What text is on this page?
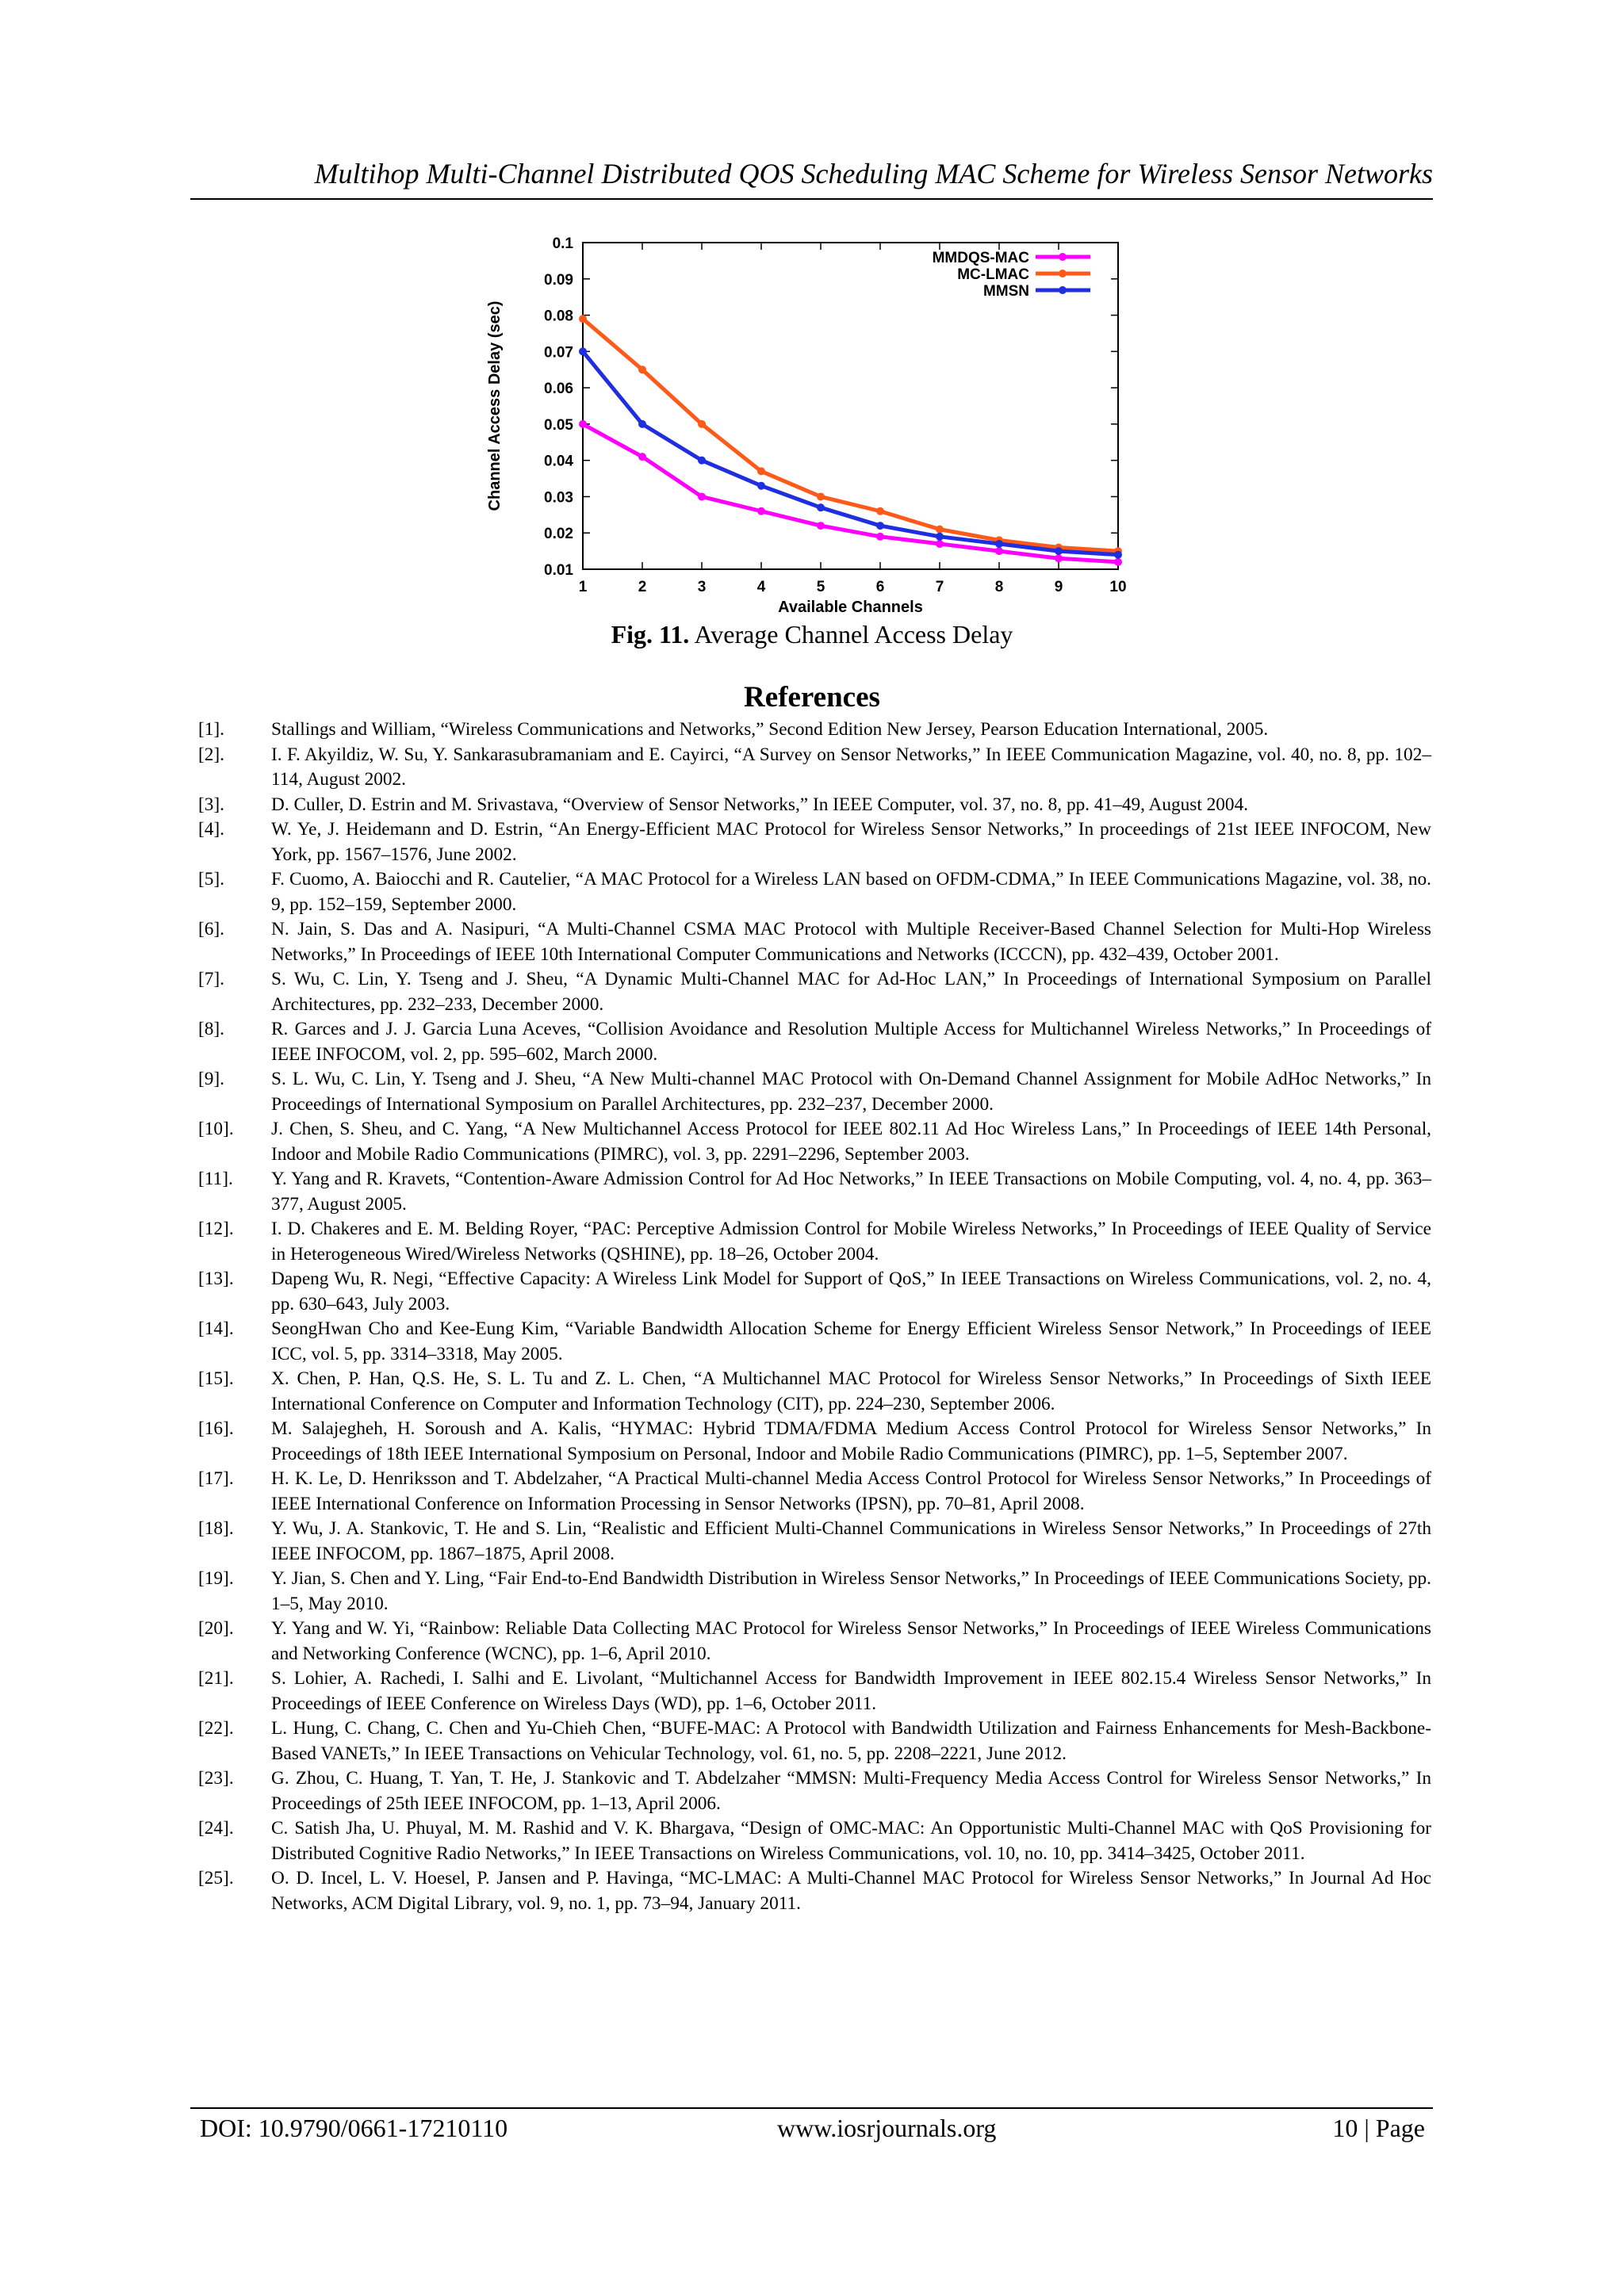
Multihop Multi-Channel Distributed QOS Scheduling MAC Scheme for Wireless Sensor Networks
1	2	3	4	5	6	7	8	9	10
0.01
0.02
0.03
0.04
0.05
0.06
0.07
0.08
0.09
0.1
Available Channels
Channel Access Delay (sec)
MMDQS-MAC
MC-LMAC
MMSN
Fig. 11. Average Channel Access Delay
References
[1].	Stallings and William, “Wireless Communications and Networks,” Second Edition New Jersey, Pearson Education International, 2005.
[2].	I. F. Akyildiz, W. Su, Y. Sankarasubramaniam and E. Cayirci, “A Survey on Sensor Networks,” In IEEE Communication Magazine, vol. 40, no. 8, pp. 102–114, August 2002.
[3].	D. Culler, D. Estrin and M. Srivastava, “Overview of Sensor Networks,” In IEEE Computer, vol. 37, no. 8, pp. 41–49, August 2004.
[4].	W. Ye, J. Heidemann and D. Estrin, “An Energy-Efficient MAC Protocol for Wireless Sensor Networks,” In proceedings of 21st IEEE INFOCOM, New York, pp. 1567–1576, June 2002.
[5].	F. Cuomo, A. Baiocchi and R. Cautelier, “A MAC Protocol for a Wireless LAN based on OFDM-CDMA,” In IEEE Communications Magazine, vol. 38, no. 9, pp. 152–159, September 2000.
[6].	N. Jain, S. Das and A. Nasipuri, “A Multi-Channel CSMA MAC Protocol with Multiple Receiver-Based Channel Selection for Multi-Hop Wireless Networks,” In Proceedings of IEEE 10th International Computer Communications and Networks (ICCCN), pp. 432–439, October 2001.
[7].	S. Wu, C. Lin, Y. Tseng and J. Sheu, “A Dynamic Multi-Channel MAC for Ad-Hoc LAN,” In Proceedings of International Symposium on Parallel Architectures, pp. 232–233, December 2000.
[8].	R. Garces and J. J. Garcia Luna Aceves, “Collision Avoidance and Resolution Multiple Access for Multichannel Wireless Networks,” In Proceedings of IEEE INFOCOM, vol. 2, pp. 595–602, March 2000.
[9].	S. L. Wu, C. Lin, Y. Tseng and J. Sheu, “A New Multi-channel MAC Protocol with On-Demand Channel Assignment for Mobile AdHoc Networks,” In Proceedings of International Symposium on Parallel Architectures, pp. 232–237, December 2000.
[10]. J. Chen, S. Sheu, and C. Yang, “A New Multichannel Access Protocol for IEEE 802.11 Ad Hoc Wireless Lans,” In Proceedings of IEEE 14th Personal, Indoor and Mobile Radio Communications (PIMRC), vol. 3, pp. 2291–2296, September 2003.
[11]. Y. Yang and R. Kravets, “Contention-Aware Admission Control for Ad Hoc Networks,” In IEEE Transactions on Mobile Computing, vol. 4, no. 4, pp. 363–377, August 2005.
[12]. I. D. Chakeres and E. M. Belding Royer, “PAC: Perceptive Admission Control for Mobile Wireless Networks,” In Proceedings of IEEE Quality of Service in Heterogeneous Wired/Wireless Networks (QSHINE), pp. 18–26, October 2004.
[13]. Dapeng Wu, R. Negi, “Effective Capacity: A Wireless Link Model for Support of QoS,” In IEEE Transactions on Wireless Communications, vol. 2, no. 4, pp. 630–643, July 2003.
[14]. SeongHwan Cho and Kee-Eung Kim, “Variable Bandwidth Allocation Scheme for Energy Efficient Wireless Sensor Network,” In Proceedings of IEEE ICC, vol. 5, pp. 3314–3318, May 2005.
[15]. X. Chen, P. Han, Q.S. He, S. L. Tu and Z. L. Chen, “A Multichannel MAC Protocol for Wireless Sensor Networks,” In Proceedings of Sixth IEEE International Conference on Computer and Information Technology (CIT), pp. 224–230, September 2006.
[16]. M. Salajegheh, H. Soroush and A. Kalis, “HYMAC: Hybrid TDMA/FDMA Medium Access Control Protocol for Wireless Sensor Networks,” In Proceedings of 18th IEEE International Symposium on Personal, Indoor and Mobile Radio Communications (PIMRC), pp. 1–5, September 2007.
[17]. H. K. Le, D. Henriksson and T. Abdelzaher, “A Practical Multi-channel Media Access Control Protocol for Wireless Sensor Networks,” In Proceedings of IEEE International Conference on Information Processing in Sensor Networks (IPSN), pp. 70–81, April 2008.
[18]. Y. Wu, J. A. Stankovic, T. He and S. Lin, “Realistic and Efficient Multi-Channel Communications in Wireless Sensor Networks,” In Proceedings of 27th IEEE INFOCOM, pp. 1867–1875, April 2008.
[19]. Y. Jian, S. Chen and Y. Ling, “Fair End-to-End Bandwidth Distribution in Wireless Sensor Networks,” In Proceedings of IEEE Communications Society, pp. 1–5, May 2010.
[20]. Y. Yang and W. Yi, “Rainbow: Reliable Data Collecting MAC Protocol for Wireless Sensor Networks,” In Proceedings of IEEE Wireless Communications and Networking Conference (WCNC), pp. 1–6, April 2010.
[21]. S. Lohier, A. Rachedi, I. Salhi and E. Livolant, “Multichannel Access for Bandwidth Improvement in IEEE 802.15.4 Wireless Sensor Networks,” In Proceedings of IEEE Conference on Wireless Days (WD), pp. 1–6, October 2011.
[22]. L. Hung, C. Chang, C. Chen and Yu-Chieh Chen, “BUFE-MAC: A Protocol with Bandwidth Utilization and Fairness Enhancements for Mesh-Backbone-Based VANETs,” In IEEE Transactions on Vehicular Technology, vol. 61, no. 5, pp. 2208–2221, June 2012.
[23]. G. Zhou, C. Huang, T. Yan, T. He, J. Stankovic and T. Abdelzaher “MMSN: Multi-Frequency Media Access Control for Wireless Sensor Networks,” In Proceedings of 25th IEEE INFOCOM, pp. 1–13, April 2006.
[24]. C. Satish Jha, U. Phuyal, M. M. Rashid and V. K. Bhargava, “Design of OMC-MAC: An Opportunistic Multi-Channel MAC with QoS Provisioning for Distributed Cognitive Radio Networks,” In IEEE Transactions on Wireless Communications, vol. 10, no. 10, pp. 3414–3425, October 2011.
[25]. O. D. Incel, L. V. Hoesel, P. Jansen and P. Havinga, “MC-LMAC: A Multi-Channel MAC Protocol for Wireless Sensor Networks,” In Journal Ad Hoc Networks, ACM Digital Library, vol. 9, no. 1, pp. 73–94, January 2011.
DOI: 10.9790/0661-17210110	www.iosrjournals.org	10 | Page
